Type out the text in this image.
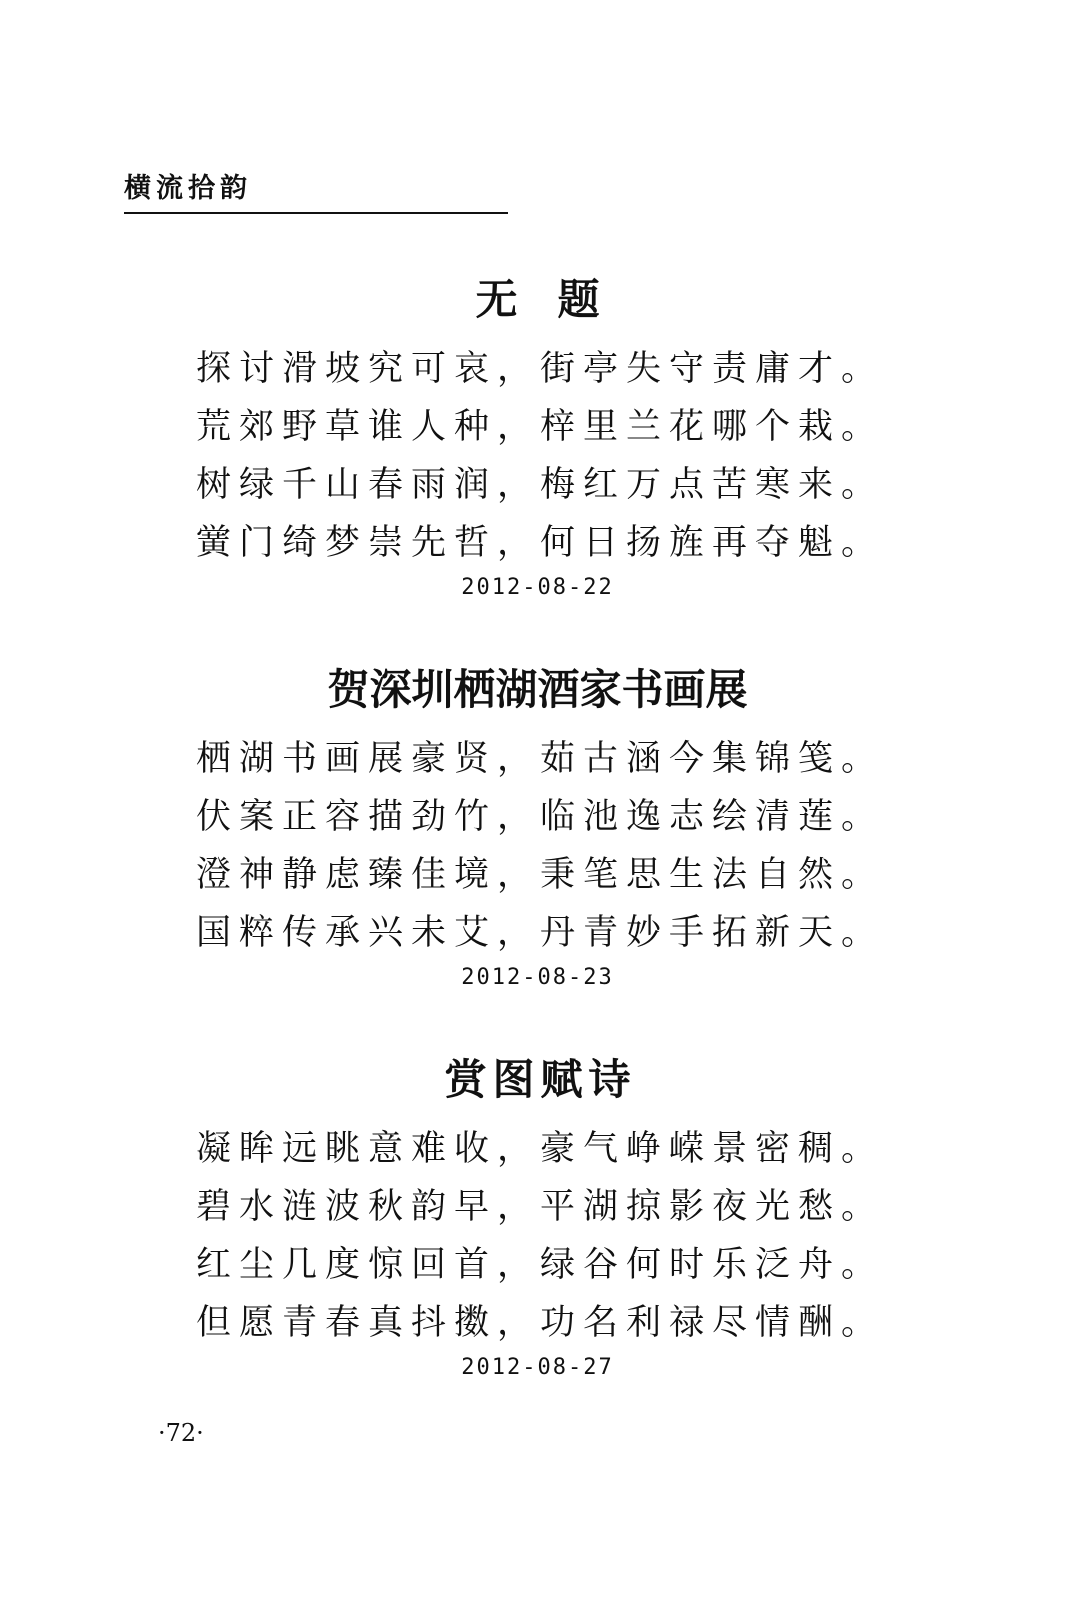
横流拾韵
无题
探讨滑坡究可哀，街亭失守责庸才。
荒郊野草谁人种，梓里兰花哪个栽。
树绿千山春雨润，梅红万点苦寒来。
黉门绮梦崇先哲，何日扬旌再夺魁。
2012-08-22
贺深圳栖湖酒家书画展
栖湖书画展豪贤，茹古涵今集锦笺。
伏案正容描劲竹，临池逸志绘清莲。
澄神静虑臻佳境，秉笔思生法自然。
国粹传承兴未艾，丹青妙手拓新天。
2012-08-23
赏图赋诗
凝眸远眺意难收，豪气峥嵘景密稠。
碧水涟波秋韵早，平湖掠影夜光愁。
红尘几度惊回首，绿谷何时乐泛舟。
但愿青春真抖擞，功名利禄尽情酬。
2012-08-27
·72·
